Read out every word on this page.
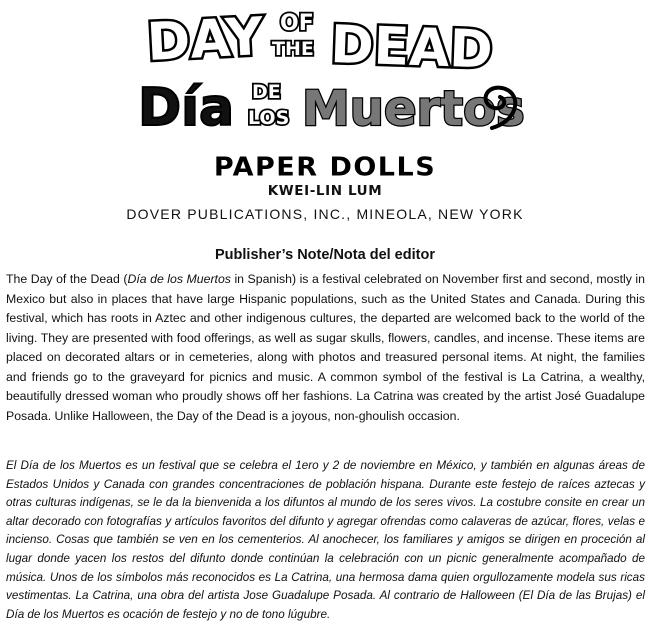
DAY OF
THE DEAD
Día DE
LOS Muertos
PAPER DOLLS
KWEI-LIN LUM
DOVER PUBLICATIONS, INC., MINEOLA, NEW YORK
Publisher’s Note/Nota del editor

The Day of the Dead (Día de los Muertos in Spanish) is a festival celebrated on November first and second, mostly in Mexico but also in places that have large Hispanic populations, such as the United States and Canada. During this festival, which has roots in Aztec and other indigenous cultures, the departed are welcomed back to the world of the living. They are presented with food offerings, as well as sugar skulls, flowers, candles, and incense. These items are placed on decorated altars or in cemeteries, along with photos and treasured personal items. At night, the families and friends go to the graveyard for picnics and music. A common symbol of the festival is La Catrina, a wealthy, beautifully dressed woman who proudly shows off her fashions. La Catrina was created by the artist José Guadalupe Posada. Unlike Halloween, the Day of the Dead is a joyous, non-ghoulish occasion.

El Día de los Muertos es un festival que se celebra el 1ero y 2 de noviembre en México, y también en algunas áreas de Estados Unidos y Canada con grandes concentraciones de población hispana. Durante este festejo de raíces aztecas y otras culturas indígenas, se le da la bienvenida a los difuntos al mundo de los seres vivos. La costubre consite en crear un altar decorado con fotografías y artículos favoritos del difunto y agregar ofrendas como calaveras de azúcar, flores, velas e incienso. Cosas que también se ven en los cementerios. Al anochecer, los familiares y amigos se dirigen en proceción al lugar donde yacen los restos del difunto donde continúan la celebración con un picnic generalmente acompañado de música. Unos de los símbolos más reconocidos es La Catrina, una hermosa dama quien orgullozamente modela sus ricas vestimentas. La Catrina, una obra del artista Jose Guadalupe Posada. Al contrario de Halloween (El Día de las Brujas) el Día de los Muertos es ocación de festejo y no de tono lúgubre.
